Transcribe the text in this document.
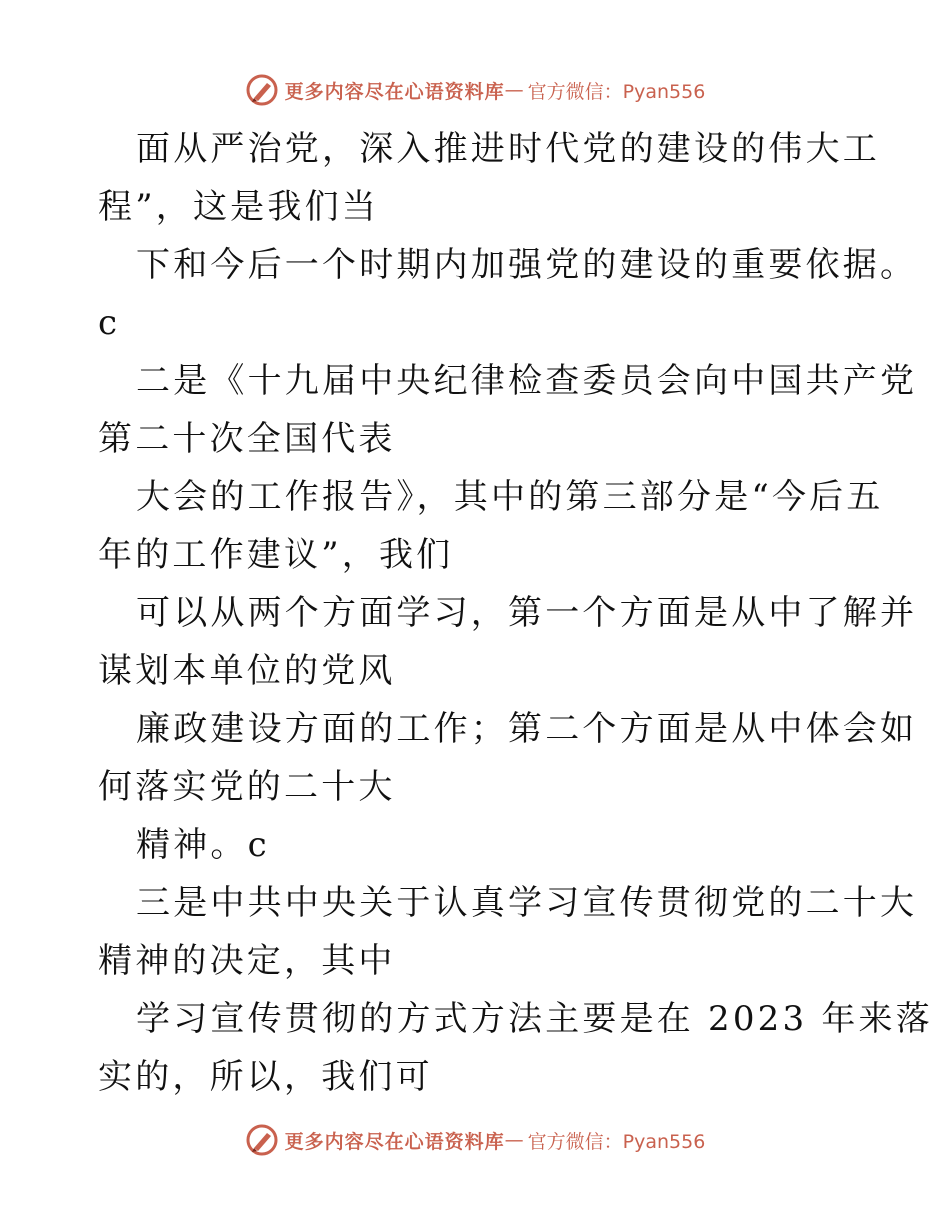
更多内容尽在心语资料库 — 官方微信：Pyan556
面从严治党，深入推进时代党的建设的伟大工
程”，这是我们当
下和今后一个时期内加强党的建设的重要依据。
c
二是《十九届中央纪律检查委员会向中国共产党
第二十次全国代表
大会的工作报告》，其中的第三部分是“今后五
年的工作建议”，我们
可以从两个方面学习，第一个方面是从中了解并
谋划本单位的党风
廉政建设方面的工作；第二个方面是从中体会如
何落实党的二十大
精神。c
三是中共中央关于认真学习宣传贯彻党的二十大
精神的决定，其中
学习宣传贯彻的方式方法主要是在 2023 年来落
实的，所以，我们可
更多内容尽在心语资料库 — 官方微信：Pyan556
